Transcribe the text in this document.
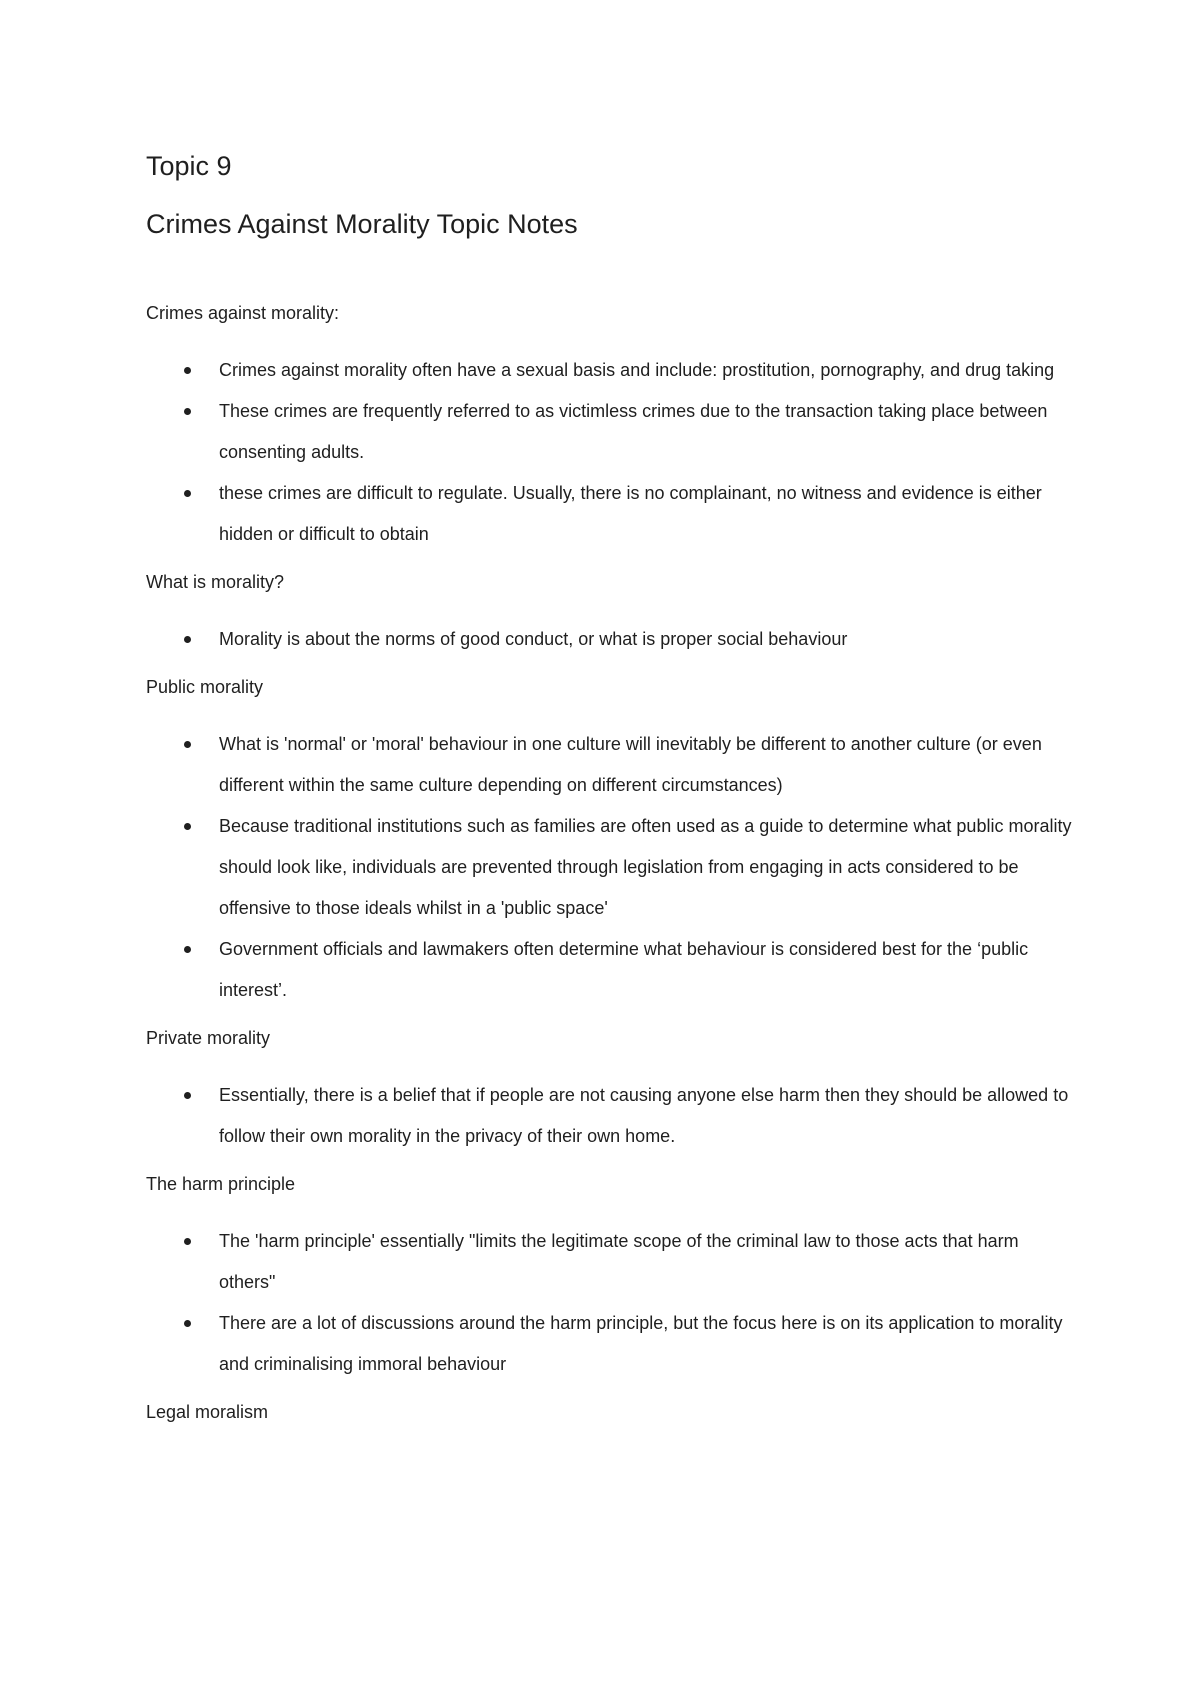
Topic 9
Crimes Against Morality Topic Notes
Crimes against morality:
Crimes against morality often have a sexual basis and include: prostitution, pornography, and drug taking
These crimes are frequently referred to as victimless crimes due to the transaction taking place between consenting adults.
these crimes are difficult to regulate. Usually, there is no complainant, no witness and evidence is either hidden or difficult to obtain
What is morality?
Morality is about the norms of good conduct, or what is proper social behaviour
Public morality
What is 'normal' or 'moral' behaviour in one culture will inevitably be different to another culture (or even different within the same culture depending on different circumstances)
Because traditional institutions such as families are often used as a guide to determine what public morality should look like, individuals are prevented through legislation from engaging in acts considered to be offensive to those ideals whilst in a 'public space'
Government officials and lawmakers often determine what behaviour is considered best for the ‘public interest’.
Private morality
Essentially, there is a belief that if people are not causing anyone else harm then they should be allowed to follow their own morality in the privacy of their own home.
The harm principle
The 'harm principle' essentially "limits the legitimate scope of the criminal law to those acts that harm others"
There are a lot of discussions around the harm principle, but the focus here is on its application to morality and criminalising immoral behaviour
Legal moralism
